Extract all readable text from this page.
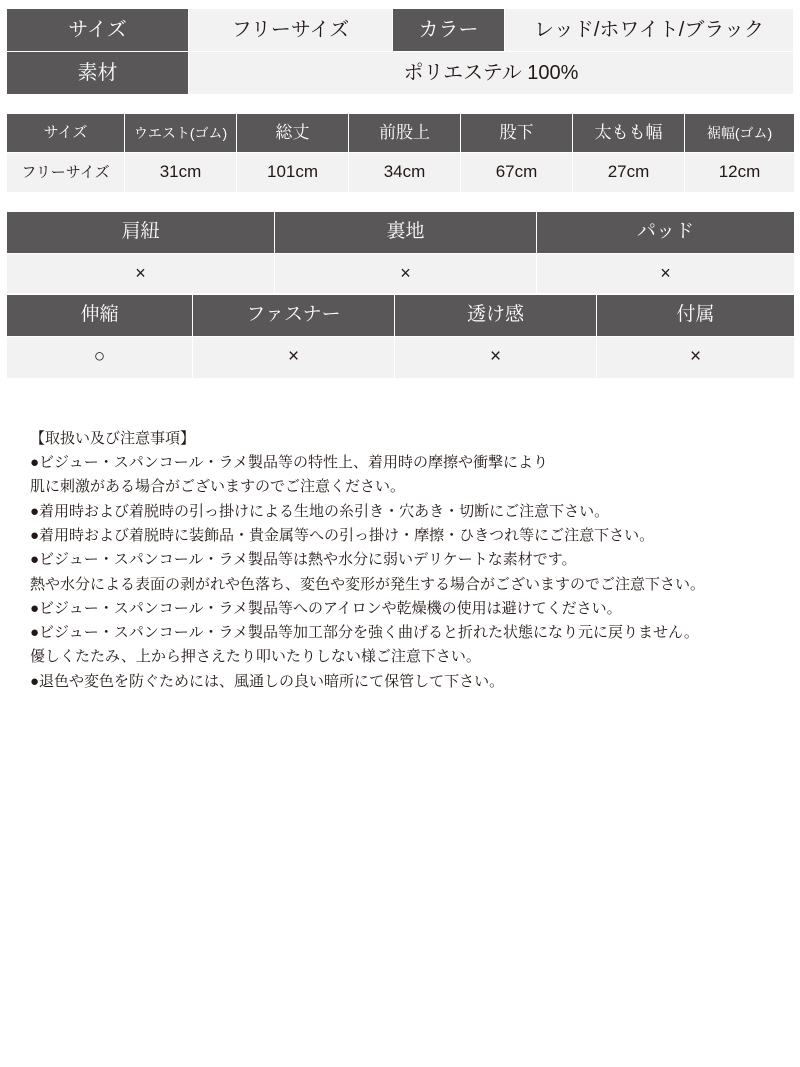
サイズ	フリーサイズ	カラー	レッド/ホワイト/ブラック
素材	ポリエステル 100%		
サイズ	ウエスト(ゴム)	総丈	前股上	股下	太もも幅	裾幅(ゴム)
フリーサイズ	31cm	101cm	34cm	67cm	27cm	12cm
肩紐	裏地	パッド
×	×	×
伸縮	ファスナー	透け感	付属
○	×	×	×
【取扱い及び注意事項】
●ビジュー・スパンコール・ラメ製品等の特性上、着用時の摩擦や衝撃により
肌に刺激がある場合がございますのでご注意ください。
●着用時および着脱時の引っ掛けによる生地の糸引き・穴あき・切断にご注意下さい。
●着用時および着脱時に装飾品・貴金属等への引っ掛け・摩擦・ひきつれ等にご注意下さい。
●ビジュー・スパンコール・ラメ製品等は熱や水分に弱いデリケートな素材です。
熱や水分による表面の剥がれや色落ち、変色や変形が発生する場合がございますのでご注意下さい。
●ビジュー・スパンコール・ラメ製品等へのアイロンや乾燥機の使用は避けてください。
●ビジュー・スパンコール・ラメ製品等加工部分を強く曲げると折れた状態になり元に戻りません。
優しくたたみ、上から押さえたり叩いたりしない様ご注意下さい。
●退色や変色を防ぐためには、風通しの良い暗所にて保管して下さい。
